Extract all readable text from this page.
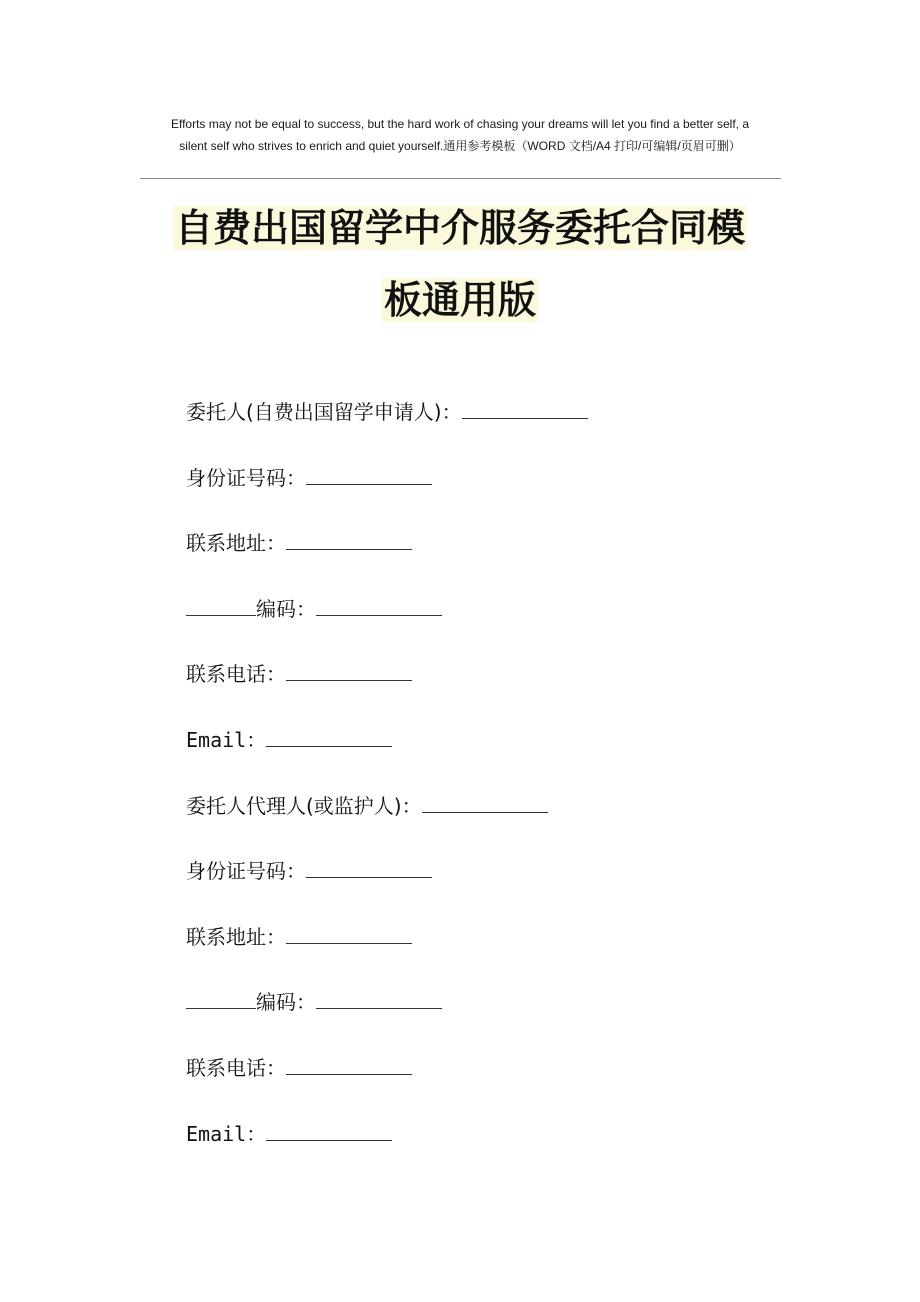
Efforts may not be equal to success, but the hard work of chasing your dreams will let you find a better self, a
silent self who strives to enrich and quiet yourself.通用参考模板（WORD 文档/A4 打印/可编辑/页眉可删）
自费出国留学中介服务委托合同模
板通用版
委托人(自费出国留学申请人)：
身份证号码：
联系地址：
编码：
联系电话：
Email：
委托人代理人(或监护人)：
身份证号码：
联系地址：
编码：
联系电话：
Email：
